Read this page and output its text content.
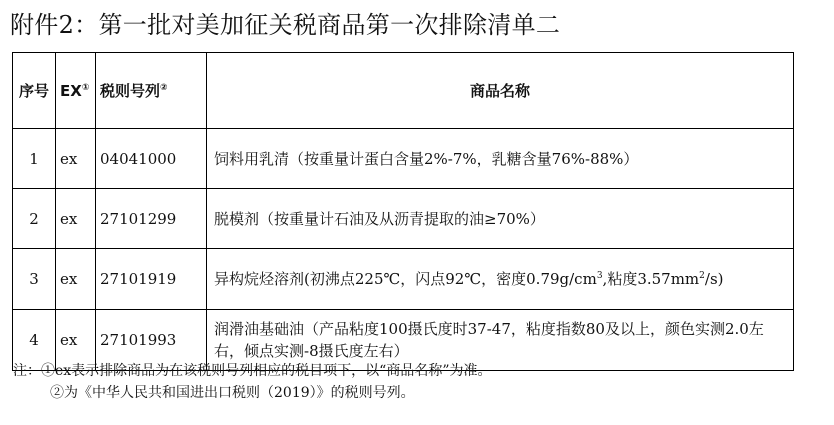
附件2：第一批对美加征关税商品第一次排除清单二
序号	EX①	税则号列②	商品名称
1	ex	04041000	饲料用乳清（按重量计蛋白含量2%-7%，乳糖含量76%-88%）
2	ex	27101299	脱模剂（按重量计石油及从沥青提取的油≥70%）
3	ex	27101919	异构烷烃溶剂(初沸点225℃，闪点92℃，密度$0.79g/cm^3$,粘度$3.57mm^2/s$)
4	ex	27101993	润滑油基础油（产品粘度100摄氏度时37-47，粘度指数80及以上，颜色实测2.0左右，倾点实测-8摄氏度左右）
注：①ex表示排除商品为在该税则号列相应的税目项下，以“商品名称”为准。
②为《中华人民共和国进出口税则（2019）》的税则号列。
